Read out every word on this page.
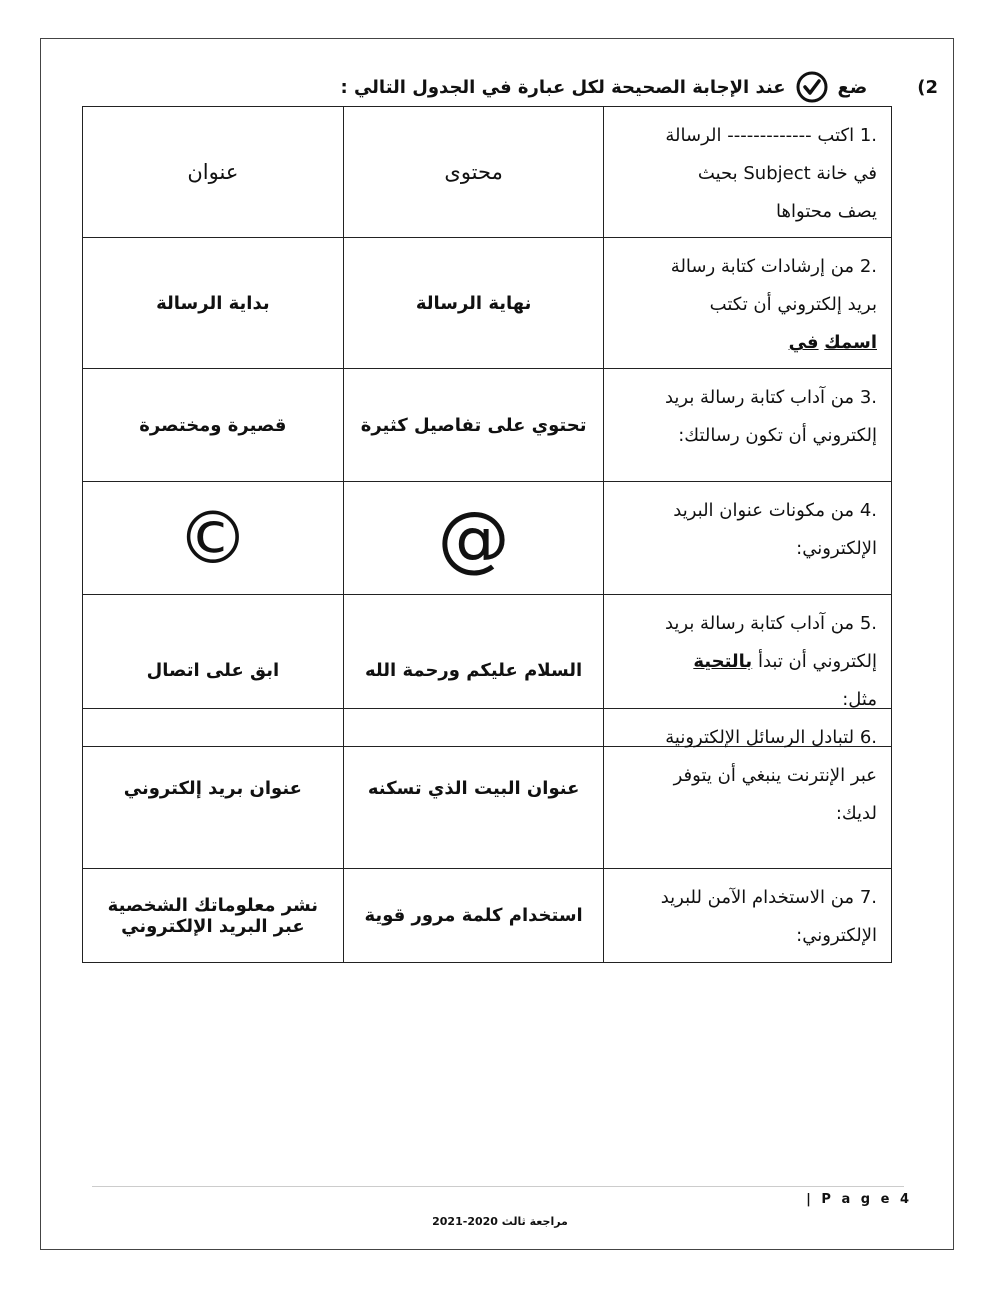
2)
ضع
عند الإجابة الصحيحة لكل عبارة في الجدول التالي :
.1 اكتب ------------- الرسالة
في خانة Subject بحيث
يصف محتواها	محتوى	عنوان
.2 من إرشادات كتابة رسالة
بريد إلكتروني أن تكتب
اسمك في	نهاية الرسالة	بداية الرسالة
.3 من آداب كتابة رسالة بريد
إلكتروني أن تكون رسالتك:	تحتوي على تفاصيل كثيرة	قصيرة ومختصرة
.4 من مكونات عنوان البريد
الإلكتروني:	@	©
.5 من آداب كتابة رسالة بريد
إلكتروني أن تبدأ بالتحية
مثل:	السلام عليكم ورحمة الله	ابق على اتصال
.6 لتبادل الرسائل الإلكترونية
عبر الإنترنت ينبغي أن يتوفر
لديك:	عنوان البيت الذي تسكنه	عنوان بريد إلكتروني
.7 من الاستخدام الآمن للبريد
الإلكتروني:	استخدام كلمة مرور قوية	نشر معلوماتك الشخصية عبر البريد الإلكتروني
| P a g e 4
مراجعة ثالث 2020-2021
